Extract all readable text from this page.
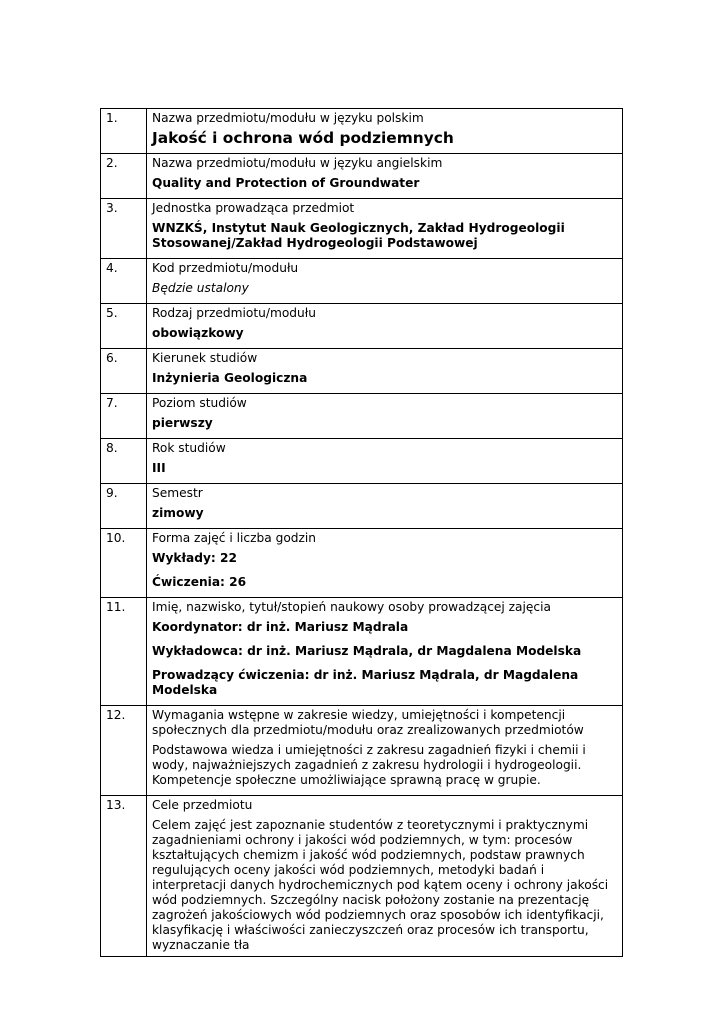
1.	Nazwa przedmiotu/modułu w języku polskim
Jakość i ochrona wód podziemnych

2.	Nazwa przedmiotu/modułu w języku angielskim
Quality and Protection of Groundwater

3.	Jednostka prowadząca przedmiot
WNZKŚ, Instytut Nauk Geologicznych, Zakład Hydrogeologii Stosowanej/Zakład Hydrogeologii Podstawowej

4.	Kod przedmiotu/modułu
Będzie ustalony

5.	Rodzaj przedmiotu/modułu
obowiązkowy

6.	Kierunek studiów
Inżynieria Geologiczna

7.	Poziom studiów
pierwszy

8.	Rok studiów
III

9.	Semestr
zimowy

10.	Forma zajęć i liczba godzin
Wykłady: 22
Ćwiczenia: 26

11.	Imię, nazwisko, tytuł/stopień naukowy osoby prowadzącej zajęcia
Koordynator: dr inż. Mariusz Mądrala
Wykładowca: dr inż. Mariusz Mądrala, dr Magdalena Modelska
Prowadzący ćwiczenia: dr inż. Mariusz Mądrala, dr Magdalena Modelska

12.	Wymagania wstępne w zakresie wiedzy, umiejętności i kompetencji społecznych dla przedmiotu/modułu oraz zrealizowanych przedmiotów
Podstawowa wiedza i umiejętności z zakresu zagadnień fizyki i chemii i wody, najważniejszych zagadnień z zakresu hydrologii i hydrogeologii. Kompetencje społeczne umożliwiające sprawną pracę w grupie.

13.	Cele przedmiotu
Celem zajęć jest zapoznanie studentów z teoretycznymi i praktycznymi zagadnieniami ochrony i jakości wód podziemnych, w tym: procesów kształtujących chemizm i jakość wód podziemnych, podstaw prawnych regulujących oceny jakości wód podziemnych, metodyki badań i interpretacji danych hydrochemicznych pod kątem oceny i ochrony jakości wód podziemnych. Szczególny nacisk położony zostanie na prezentację zagrożeń jakościowych wód podziemnych oraz sposobów ich identyfikacji, klasyfikację i właściwości zanieczyszczeń oraz procesów ich transportu, wyznaczanie tła
